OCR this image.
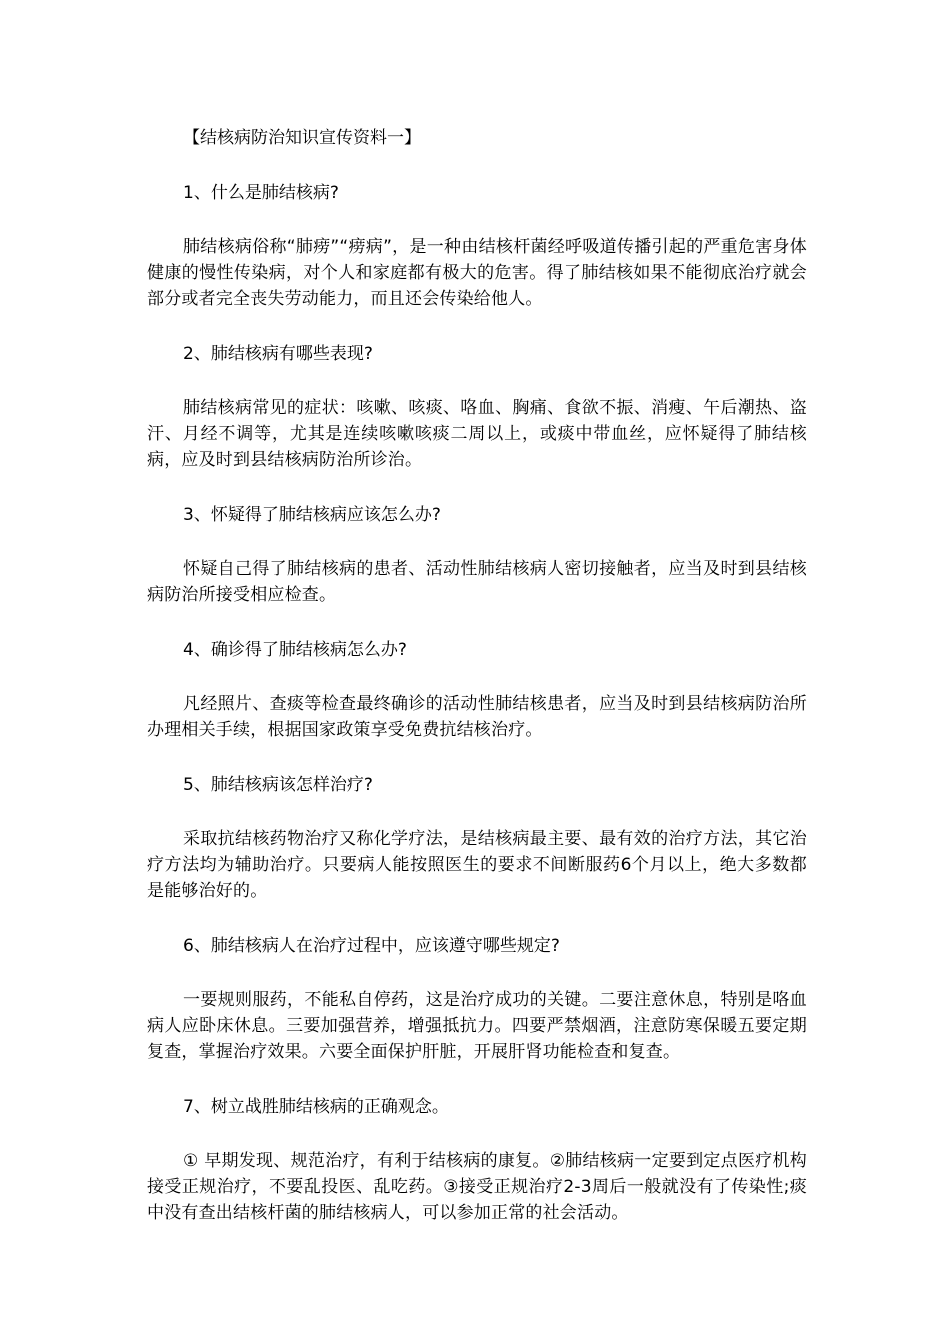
【结核病防治知识宣传资料一】

1、什么是肺结核病?

肺结核病俗称“肺痨”“痨病”，是一种由结核杆菌经呼吸道传播引起的严重危害身体健康的慢性传染病，对个人和家庭都有极大的危害。得了肺结核如果不能彻底治疗就会部分或者完全丧失劳动能力，而且还会传染给他人。

2、肺结核病有哪些表现?

肺结核病常见的症状：咳嗽、咳痰、咯血、胸痛、食欲不振、消瘦、午后潮热、盗汗、月经不调等，尤其是连续咳嗽咳痰二周以上，或痰中带血丝，应怀疑得了肺结核病，应及时到县结核病防治所诊治。

3、怀疑得了肺结核病应该怎么办?

怀疑自己得了肺结核病的患者、活动性肺结核病人密切接触者，应当及时到县结核病防治所接受相应检查。

4、确诊得了肺结核病怎么办?

凡经照片、查痰等检查最终确诊的活动性肺结核患者，应当及时到县结核病防治所办理相关手续，根据国家政策享受免费抗结核治疗。

5、肺结核病该怎样治疗?

采取抗结核药物治疗又称化学疗法，是结核病最主要、最有效的治疗方法，其它治疗方法均为辅助治疗。只要病人能按照医生的要求不间断服药6个月以上，绝大多数都是能够治好的。

6、肺结核病人在治疗过程中，应该遵守哪些规定?

一要规则服药，不能私自停药，这是治疗成功的关键。二要注意休息，特别是咯血病人应卧床休息。三要加强营养，增强抵抗力。四要严禁烟酒，注意防寒保暖五要定期复查，掌握治疗效果。六要全面保护肝脏，开展肝肾功能检查和复查。

7、树立战胜肺结核病的正确观念。

① 早期发现、规范治疗，有利于结核病的康复。②肺结核病一定要到定点医疗机构接受正规治疗，不要乱投医、乱吃药。③接受正规治疗2-3周后一般就没有了传染性;痰中没有查出结核杆菌的肺结核病人，可以参加正常的社会活动。
